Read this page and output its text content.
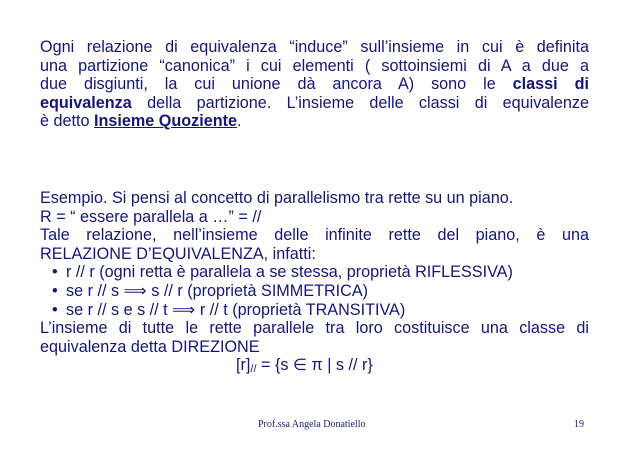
Ogni relazione di equivalenza “induce” sull’insieme in cui è definita
una partizione “canonica” i cui elementi ( sottoinsiemi di A a due a
due disgiunti, la cui unione dà ancora A) sono le classi di
equivalenza della partizione. L’insieme delle classi di equivalenze
è detto Insieme Quoziente.
Esempio. Si pensi al concetto di parallelismo tra rette su un piano.
R = “ essere parallela a …” = //
Tale relazione, nell’insieme delle infinite rette del piano, è una
RELAZIONE D’EQUIVALENZA, infatti:
• r // r (ogni retta è parallela a se stessa, proprietà RIFLESSIVA)
• se r // s ⟹ s // r (proprietà SIMMETRICA)
• se r // s e s // t ⟹ r // t (proprietà TRANSITIVA)
L’insieme di tutte le rette parallele tra loro costituisce una classe di
equivalenza detta DIREZIONE
[r]// = {s ∈ π | s // r}
Prof.ssa Angela Donatiello	19
